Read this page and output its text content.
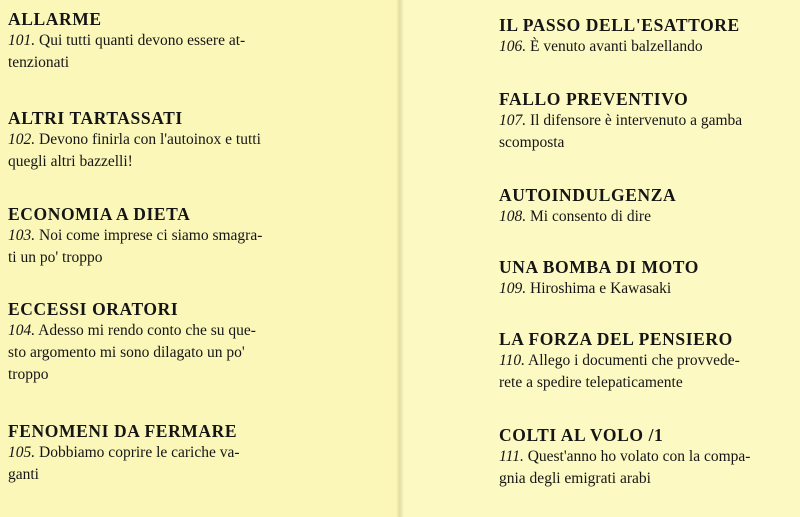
ALLARME
101. Qui tutti quanti devono essere at-
tenzionati
ALTRI TARTASSATI
102. Devono finirla con l'autoinox e tutti
quegli altri bazzelli!
ECONOMIA A DIETA
103. Noi come imprese ci siamo smagra-
ti un po' troppo
ECCESSI ORATORI
104. Adesso mi rendo conto che su que-
sto argomento mi sono dilagato un po'
troppo
FENOMENI DA FERMARE
105. Dobbiamo coprire le cariche va-
ganti
IL PASSO DELL'ESATTORE
106. È venuto avanti balzellando
FALLO PREVENTIVO
107. Il difensore è intervenuto a gamba
scomposta
AUTOINDULGENZA
108. Mi consento di dire
UNA BOMBA DI MOTO
109. Hiroshima e Kawasaki
LA FORZA DEL PENSIERO
110. Allego i documenti che provvede-
rete a spedire telepaticamente
COLTI AL VOLO /1
111. Quest'anno ho volato con la compa-
gnia degli emigrati arabi
